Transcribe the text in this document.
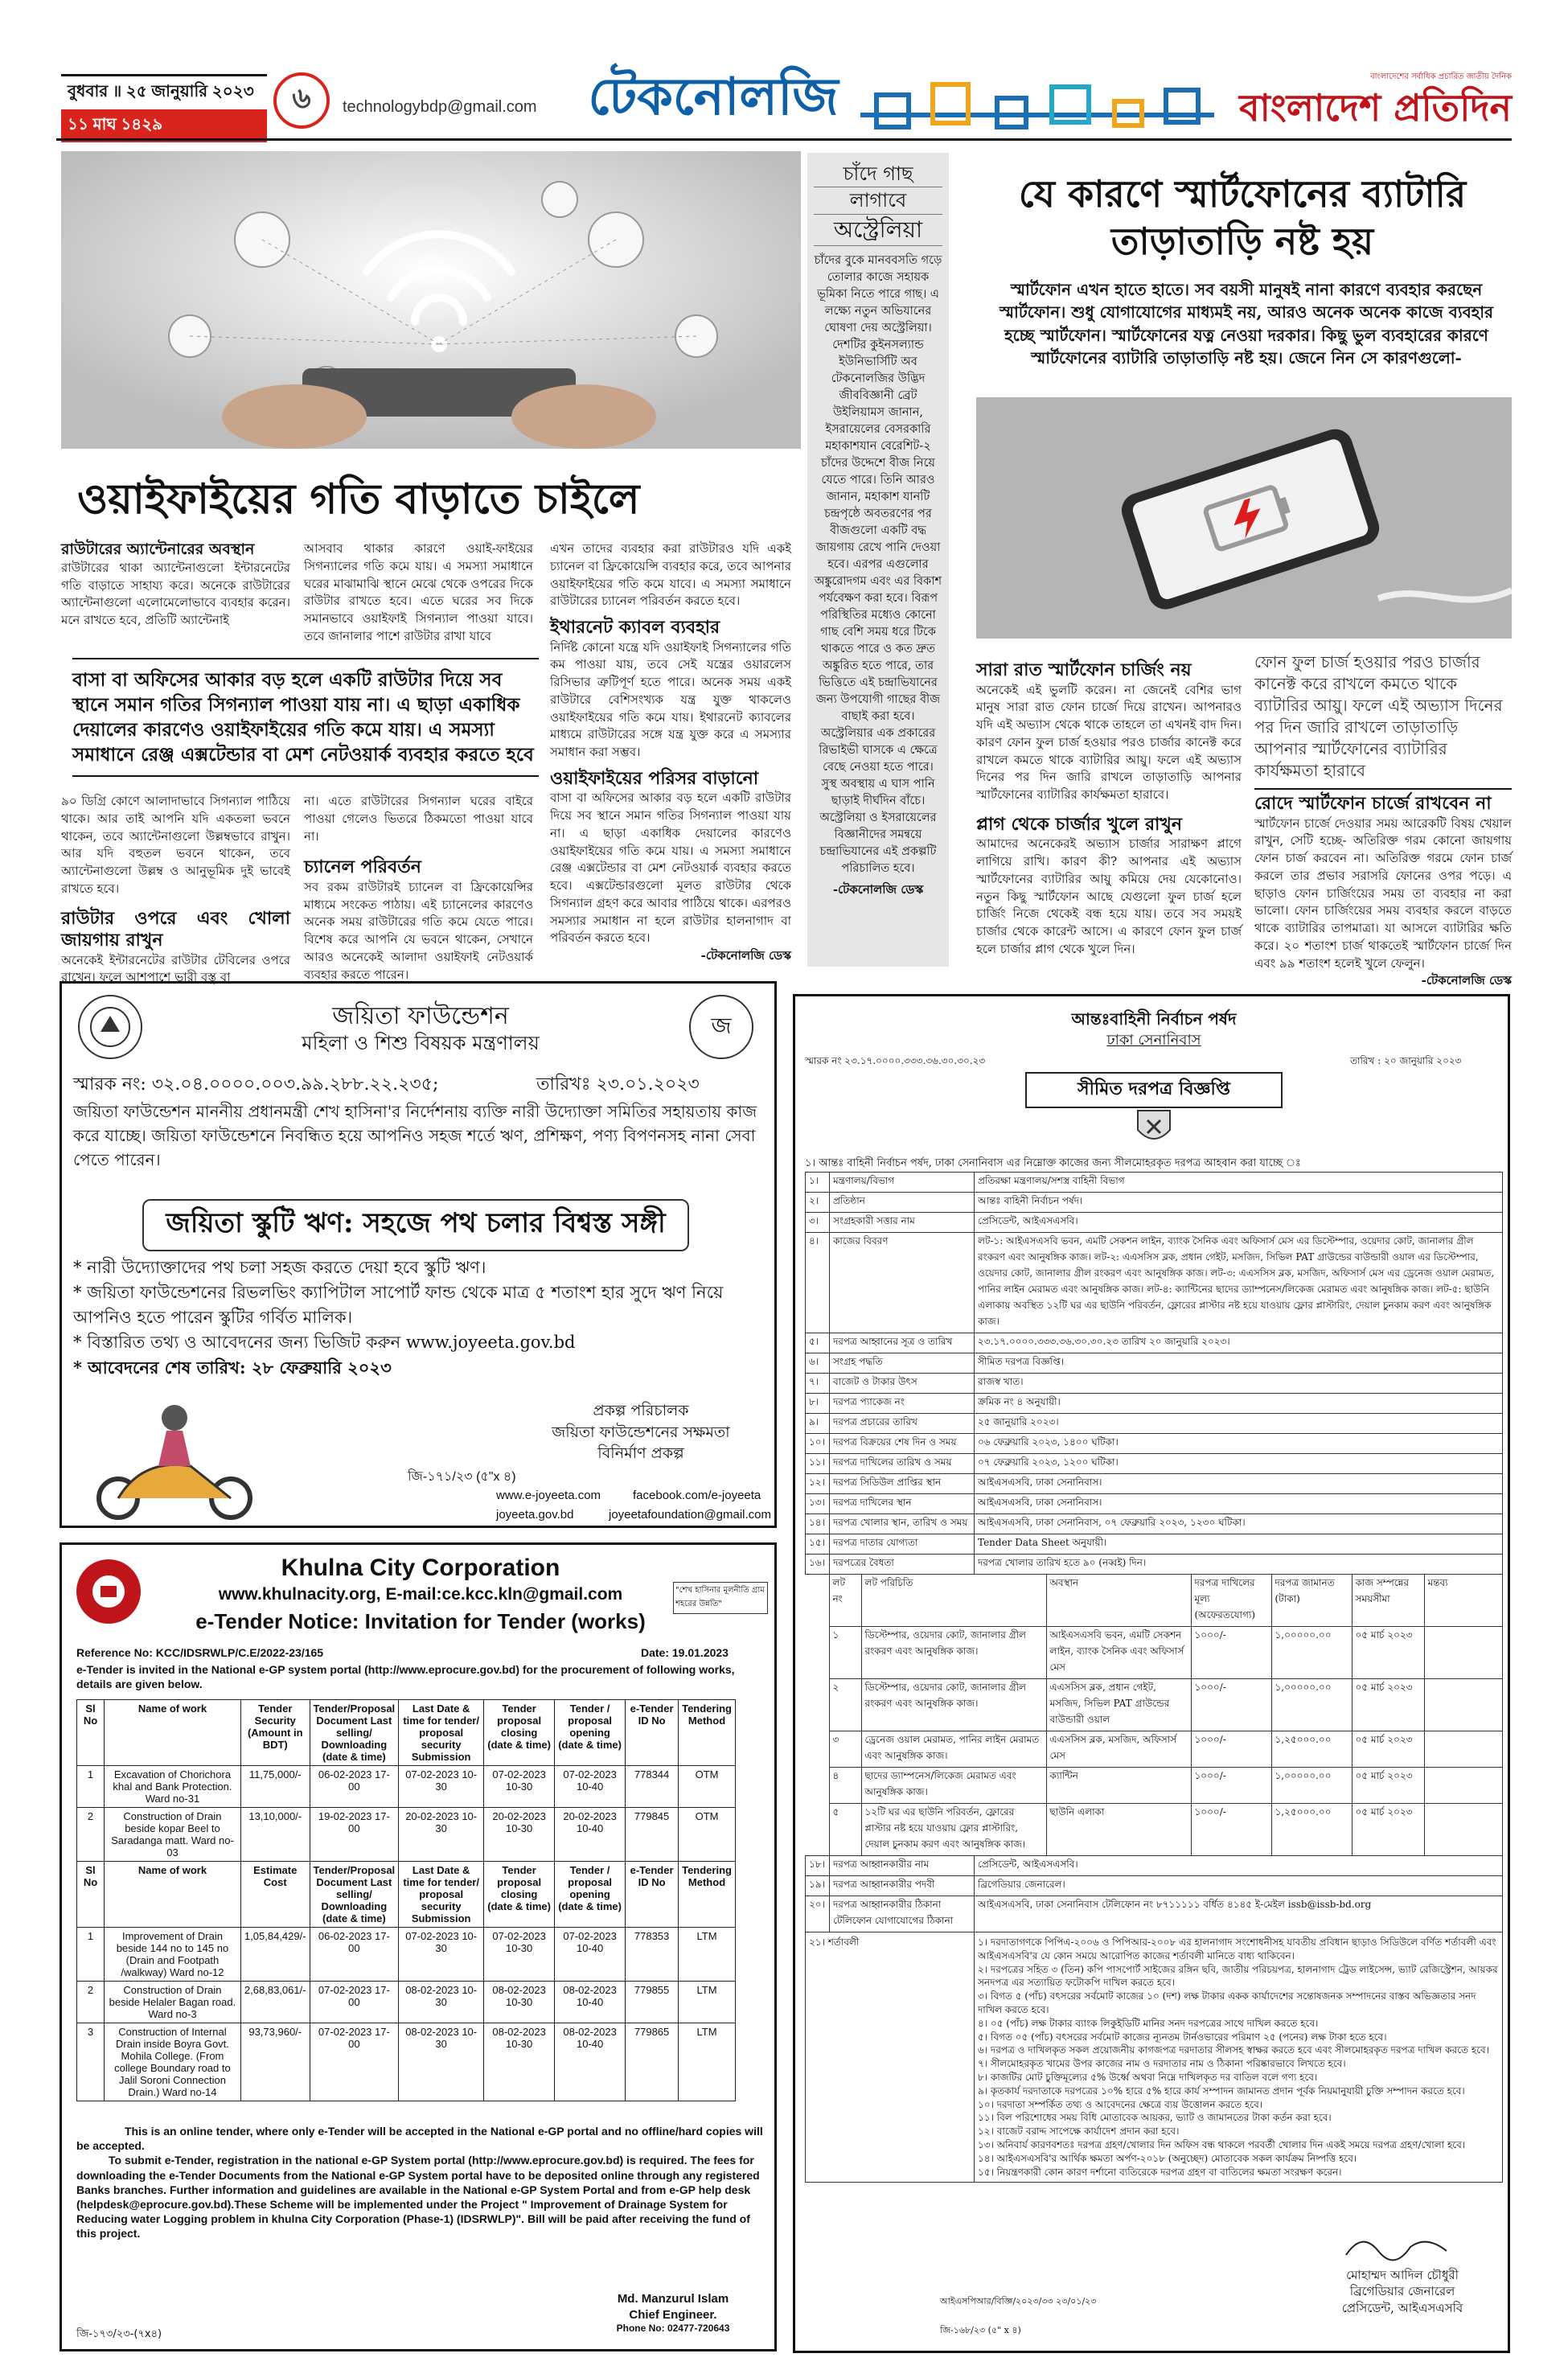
বুধবার ॥ ২৫ জানুয়ারি ২০২৩
১১ মাঘ ১৪২৯
৬	technologybdp@gmail.com টেকনোলজি	বাংলাদেশের সর্বাধিক প্রচারিত জাতীয় দৈনিক
বাংলাদেশ প্রতিদিন
ওয়াইফাইয়ের গতি বাড়াতে চাইলে
রাউটারের অ্যান্টেনারের অবস্থান
রাউটারের থাকা অ্যান্টেনাগুলো ইন্টারনেটের গতি বাড়াতে সাহায্য করে। অনেকে রাউটারের অ্যান্টেনাগুলো এলোমেলোভাবে ব্যবহার করেন। মনে রাখতে হবে, প্রতিটি অ্যান্টেনাই
আসবাব থাকার কারণে ওয়াই-ফাইয়ের সিগন্যালের গতি কমে যায়। এ সমস্যা সমাধানে ঘরের মাঝামাঝি স্থানে মেঝে থেকে ওপরের দিকে রাউটার রাখতে হবে। এতে ঘরের সব দিকে সমানভাবে ওয়াইফাই সিগন্যাল পাওয়া যাবে। তবে জানালার পাশে রাউটার রাখা যাবে
বাসা বা অফিসের আকার বড় হলে একটি রাউটার দিয়ে সব স্থানে সমান গতির সিগন্যাল পাওয়া যায় না। এ ছাড়া একাধিক দেয়ালের কারণেও ওয়াইফাইয়ের গতি কমে যায়। এ সমস্যা সমাধানে রেঞ্জ এক্সটেন্ডার বা মেশ নেটওয়ার্ক ব্যবহার করতে হবে
৯০ ডিগ্রি কোণে আলাদাভাবে সিগন্যাল পাঠিয়ে থাকে। আর তাই আপনি যদি একতলা ভবনে থাকেন, তবে অ্যান্টেনাগুলো উল্লম্বভাবে রাখুন। আর যদি বহুতল ভবনে থাকেন, তবে অ্যান্টেনাগুলো উল্লম্ব ও আনুভূমিক দুই ভাবেই রাখতে হবে।
রাউটার ওপরে এবং খোলা জায়গায় রাখুন
অনেকেই ইন্টারনেটের রাউটার টেবিলের ওপরে রাখেন। ফলে আশপাশে ভারী বস্তু বা
না। এতে রাউটারের সিগন্যাল ঘরের বাইরে পাওয়া গেলেও ভিতরে ঠিকমতো পাওয়া যাবে না।
চ্যানেল পরিবর্তন
সব রকম রাউটারই চ্যানেল বা ফ্রিকোয়েন্সির মাধ্যমে সংকেত পাঠায়। এই চ্যানেলের কারণেও অনেক সময় রাউটারের গতি কমে যেতে পারে। বিশেষ করে আপনি যে ভবনে থাকেন, সেখানে আরও অনেকেই আলাদা ওয়াইফাই নেটওয়ার্ক ব্যবহার করতে পারেন।
এখন তাদের ব্যবহার করা রাউটারও যদি একই চ্যানেল বা ফ্রিকোয়েন্সি ব্যবহার করে, তবে আপনার ওয়াইফাইয়ের গতি কমে যাবে। এ সমস্যা সমাধানে রাউটারের চ্যানেল পরিবর্তন করতে হবে।
ইথারনেট ক্যাবল ব্যবহার
নির্দিষ্ট কোনো যন্ত্রে যদি ওয়াইফাই সিগন্যালের গতি কম পাওয়া যায়, তবে সেই যন্ত্রের ওয়ারলেস রিসিভার ত্রুটিপূর্ণ হতে পারে। অনেক সময় একই রাউটারে বেশিসংখ্যক যন্ত্র যুক্ত থাকলেও ওয়াইফাইয়ের গতি কমে যায়। ইথারনেট ক্যাবলের মাধ্যমে রাউটারের সঙ্গে যন্ত্র যুক্ত করে এ সমস্যার সমাধান করা সম্ভব।
ওয়াইফাইয়ের পরিসর বাড়ানো
বাসা বা অফিসের আকার বড় হলে একটি রাউটার দিয়ে সব স্থানে সমান গতির সিগন্যাল পাওয়া যায় না। এ ছাড়া একাধিক দেয়ালের কারণেও ওয়াইফাইয়ের গতি কমে যায়। এ সমস্যা সমাধানে রেঞ্জ এক্সটেন্ডার বা মেশ নেটওয়ার্ক ব্যবহার করতে হবে। এক্সটেন্ডারগুলো মূলত রাউটার থেকে সিগন্যাল গ্রহণ করে আবার পাঠিয়ে থাকে। এরপরও সমস্যার সমাধান না হলে রাউটার হালনাগাদ বা পরিবর্তন করতে হবে।
-টেকনোলজি ডেস্ক
চাঁদে গাছ
লাগাবে
অস্ট্রেলিয়া
চাঁদের বুকে মানববসতি গড়ে তোলার কাজে সহায়ক ভূমিকা নিতে পারে গাছ। এ লক্ষ্যে নতুন অভিযানের ঘোষণা দেয় অস্ট্রেলিয়া। দেশটির কুইনসল্যান্ড ইউনিভার্সিটি অব টেকনোলজির উদ্ভিদ জীববিজ্ঞানী ব্রেট উইলিয়ামস জানান, ইসরায়েলের বেসরকারি মহাকাশযান বেরেশিট-২ চাঁদের উদ্দেশে বীজ নিয়ে যেতে পারে। তিনি আরও জানান, মহাকাশ যানটি চন্দ্রপৃষ্ঠে অবতরণের পর বীজগুলো একটি বদ্ধ জায়গায় রেখে পানি দেওয়া হবে। এরপর এগুলোর অঙ্কুরোদগম এবং এর বিকাশ পর্যবেক্ষণ করা হবে। বিরূপ পরিস্থিতির মধ্যেও কোনো গাছ বেশি সময় ধরে টিকে থাকতে পারে ও কত দ্রুত অঙ্কুরিত হতে পারে, তার ভিত্তিতে এই চন্দ্রাভিযানের জন্য উপযোগী গাছের বীজ বাছাই করা হবে। অস্ট্রেলিয়ার এক প্রকারের রিভাইভী ঘাসকে এ ক্ষেত্রে বেছে নেওয়া হতে পারে। সুস্থ অবস্থায় এ ঘাস পানি ছাড়াই দীর্ঘদিন বাঁচে। অস্ট্রেলিয়া ও ইসরায়েলের বিজ্ঞানীদের সমন্বয়ে চন্দ্রাভিযানের এই প্রকল্পটি পরিচালিত হবে।
-টেকনোলজি ডেস্ক
যে কারণে স্মার্টফোনের ব্যাটারি
তাড়াতাড়ি নষ্ট হয়
স্মার্টফোন এখন হাতে হাতে। সব বয়সী মানুষই নানা কারণে ব্যবহার করছেন স্মার্টফোন। শুধু যোগাযোগের মাধ্যমই নয়, আরও অনেক অনেক কাজে ব্যবহার হচ্ছে স্মার্টফোন। স্মার্টফোনের যত্ন নেওয়া দরকার। কিছু ভুল ব্যবহারের কারণে স্মার্টফোনের ব্যাটারি তাড়াতাড়ি নষ্ট হয়। জেনে নিন সে কারণগুলো-
সারা রাত স্মার্টফোন চার্জিং নয়
অনেকেই এই ভুলটি করেন। না জেনেই বেশির ভাগ মানুষ সারা রাত ফোন চার্জে দিয়ে রাখেন। আপনারও যদি এই অভ্যাস থেকে থাকে তাহলে তা এখনই বাদ দিন। কারণ ফোন ফুল চার্জ হওয়ার পরও চার্জার কানেক্ট করে রাখলে কমতে থাকে ব্যাটারির আয়ু। ফলে এই অভ্যাস দিনের পর দিন জারি রাখলে তাড়াতাড়ি আপনার স্মার্টফোনের ব্যাটারির কার্যক্ষমতা হারাবে।
প্লাগ থেকে চার্জার খুলে রাখুন
আমাদের অনেকেরই অভ্যাস চার্জার সারাক্ষণ প্লাগে লাগিয়ে রাখি। কারণ কী? আপনার এই অভ্যাস স্মার্টফোনের ব্যাটারির আয়ু কমিয়ে দেয় যেকোনোও। নতুন কিছু স্মার্টফোন আছে যেগুলো ফুল চার্জ হলে চার্জিং নিজে থেকেই বন্ধ হয়ে যায়। তবে সব সময়ই চার্জার থেকে কারেন্ট আসে। এ কারণে ফোন ফুল চার্জ হলে চার্জার প্লাগ থেকে খুলে দিন।
ফোন ফুল চার্জ হওয়ার পরও চার্জার কানেক্ট করে রাখলে কমতে থাকে ব্যাটারির আয়ু। ফলে এই অভ্যাস দিনের পর দিন জারি রাখলে তাড়াতাড়ি আপনার স্মার্টফোনের ব্যাটারির কার্যক্ষমতা হারাবে
রোদে স্মার্টফোন চার্জে রাখবেন না
স্মার্টফোন চার্জে দেওয়ার সময় আরেকটি বিষয় খেয়াল রাখুন, সেটি হচ্ছে- অতিরিক্ত গরম কোনো জায়গায় ফোন চার্জ করবেন না। অতিরিক্ত গরমে ফোন চার্জ করলে তার প্রভাব সরাসরি ফোনের ওপর পড়ে। এ ছাড়াও ফোন চার্জিংয়ের সময় তা ব্যবহার না করা ভালো। ফোন চার্জিংয়ের সময় ব্যবহার করলে বাড়তে থাকে ব্যাটারির তাপমাত্রা। যা আসলে ব্যাটারির ক্ষতি করে। ২০ শতাংশ চার্জ থাকতেই স্মার্টফোন চার্জে দিন এবং ৯৯ শতাংশ হলেই খুলে ফেলুন।
-টেকনোলজি ডেস্ক
জয়িতা ফাউন্ডেশন
মহিলা ও শিশু বিষয়ক মন্ত্রণালয়
জ
স্মারক নং: ৩২.০৪.০০০০.০০৩.৯৯.২৮৮.২২.২৩৫;	তারিখঃ ২৩.০১.২০২৩
জয়িতা ফাউন্ডেশন মাননীয় প্রধানমন্ত্রী শেখ হাসিনা'র নির্দেশনায় ব্যক্তি নারী উদ্যোক্তা সমিতির সহায়তায় কাজ করে যাচ্ছে। জয়িতা ফাউন্ডেশনে নিবন্ধিত হয়ে আপনিও সহজ শর্তে ঋণ, প্রশিক্ষণ, পণ্য বিপণনসহ নানা সেবা পেতে পারেন।
জয়িতা স্কুটি ঋণ: সহজে পথ চলার বিশ্বস্ত সঙ্গী
* নারী উদ্যোক্তাদের পথ চলা সহজ করতে দেয়া হবে স্কুটি ঋণ।
* জয়িতা ফাউন্ডেশনের রিভলভিং ক্যাপিটাল সাপোর্ট ফান্ড থেকে মাত্র ৫ শতাংশ হার সুদে ঋণ নিয়ে আপনিও হতে পারেন স্কুটির গর্বিত মালিক।
* বিস্তারিত তথ্য ও আবেদনের জন্য ভিজিট করুন www.joyeeta.gov.bd
* আবেদনের শেষ তারিখ: ২৮ ফেব্রুয়ারি ২০২৩
প্রকল্প পরিচালক
জয়িতা ফাউন্ডেশনের সক্ষমতা
বিনির্মাণ প্রকল্প
জি-১৭১/২৩ (৫"x ৪)
www.e-joyeeta.com	facebook.com/e-joyeeta
joyeeta.gov.bd	joyeetafoundation@gmail.com
Khulna City Corporation
www.khulnacity.org, E-mail:ce.kcc.kln@gmail.com
e-Tender Notice: Invitation for Tender (works)
"শেখ হাসিনার মূলনীতি গ্রাম শহরের উন্নতি"
Reference No: KCC/IDSRWLP/C.E/2022-23/165	Date: 19.01.2023
e-Tender is invited in the National e-GP system portal (http://www.eprocure.gov.bd) for the procurement of following works, details are given below.
Sl No	Name of work	Tender Security (Amount in BDT)	Tender/Proposal Document Last selling/ Downloading (date & time)	Last Date & time for tender/ proposal security Submission	Tender proposal closing (date & time)	Tender / proposal opening (date & time)	e-Tender ID No	Tendering Method
1	Excavation of Chorichora khal and Bank Protection. Ward no-31	11,75,000/-	06-02-2023 17-00	07-02-2023 10-30	07-02-2023 10-30	07-02-2023 10-40	778344	OTM
2	Construction of Drain beside kopar Beel to Saradanga matt. Ward no-03	13,10,000/-	19-02-2023 17-00	20-02-2023 10-30	20-02-2023 10-30	20-02-2023 10-40	779845	OTM
Sl No	Name of work	Estimate Cost	Tender/Proposal Document Last selling/ Downloading (date & time)	Last Date & time for tender/ proposal security Submission	Tender proposal closing (date & time)	Tender / proposal opening (date & time)	e-Tender ID No	Tendering Method
1	Improvement of Drain beside 144 no to 145 no (Drain and Footpath /walkway) Ward no-12	1,05,84,429/-	06-02-2023 17-00	07-02-2023 10-30	07-02-2023 10-30	07-02-2023 10-40	778353	LTM
2	Construction of Drain beside Helaler Bagan road. Ward no-3	2,68,83,061/-	07-02-2023 17-00	08-02-2023 10-30	08-02-2023 10-30	08-02-2023 10-40	779855	LTM
3	Construction of Internal Drain inside Boyra Govt. Mohila College. (From college Boundary road to Jalil Soroni Connection Drain.) Ward no-14	93,73,960/-	07-02-2023 17-00	08-02-2023 10-30	08-02-2023 10-30	08-02-2023 10-40	779865	LTM
This is an online tender, where only e-Tender will be accepted in the National e-GP portal and no offline/hard copies will be accepted.
To submit e-Tender, registration in the national e-GP System portal (http://www.eprocure.gov.bd) is required. The fees for downloading the e-Tender Documents from the National e-GP System portal have to be deposited online through any registered Banks branches. Further information and guidelines are available in the National e-GP System Portal and from e-GP help desk (helpdesk@eprocure.gov.bd).These Scheme will be implemented under the Project " Improvement of Drainage System for Reducing water Logging problem in khulna City Corporation (Phase-1) (IDSRWLP)". Bill will be paid after receiving the fund of this project.
Md. Manzurul Islam
Chief Engineer.
Phone No: 02477-720643
জি-১৭৩/২৩-(৭x৪)
আন্তঃবাহিনী নির্বাচন পর্ষদ
ঢাকা সেনানিবাস
স্মারক নং ২৩.১৭.০০০০.৩৩৩.৩৬.৩০.৩০.২৩	তারিখ : ২০ জানুয়ারি ২০২৩
সীমিত দরপত্র বিজ্ঞপ্তি
১। আন্তঃ বাহিনী নির্বাচন পর্ষদ, ঢাকা সেনানিবাস এর নিম্নোক্ত কাজের জন্য সীলমোহরকৃত দরপত্র আহবান করা যাচ্ছে ঃ
১।	মন্ত্রণালয়/বিভাগ	প্রতিরক্ষা মন্ত্রণালয়/সশস্ত্র বাহিনী বিভাগ
২।	প্রতিষ্ঠান	আন্তঃ বাহিনী নির্বাচন পর্ষদ।
৩।	সংগ্রহকারী সত্তার নাম	প্রেসিডেন্ট, আইএসএসবি।
৪।	কাজের বিবরণ	লট-১: আইএসএসবি ভবন, এমটি সেকশন লাইন, ব্যাংক সৈনিক এবং অফিসার্স মেস এর ডিস্টেম্পার, ওয়েদার কোট, জানালার গ্রীল রংকরণ এবং আনুষঙ্গিক কাজ। লট-২: এএসসিস ব্লক, প্রধান গেইট, মসজিদ, সিভিল PAT গ্রাউন্ডের বাউন্ডারী ওয়াল এর ডিস্টেম্পার, ওয়েদার কোট, জানালার গ্রীল রংকরণ এবং আনুষঙ্গিক কাজ। লট-৩: এএসসিস ব্লক, মসজিদ, অফিসার্স মেস এর ড্রেনেজ ওয়াল মেরামত, পানির লাইন মেরামত এবং আনুষঙ্গিক কাজ। লট-৪: ক্যান্টিনের ছাদের ড্যাম্পনেস/লিকেজ মেরামত এবং আনুষঙ্গিক কাজ। লট-৫: ছাউনি এলাকায় অবস্থিত ১২টি ঘর এর ছাউনি পরিবর্তন, ফ্লোরের প্লাস্টার নষ্ট হয়ে যাওয়ায় ফ্লোর প্লাস্টারিং, দেয়াল চুনকাম করণ এবং আনুষঙ্গিক কাজ।
৫।	দরপত্র আহ্বানের সূত্র ও তারিখ	২৩.১৭.০০০০.৩৩৩.৩৬.৩০.৩০.২৩ তারিখ ২০ জানুয়ারি ২০২৩।
৬।	সংগ্রহ পদ্ধতি	সীমিত দরপত্র বিজ্ঞপ্তি।
৭।	বাজেট ও টাকার উৎস	রাজস্ব খাত।
৮।	দরপত্র প্যাকেজ নং	ক্রমিক নং ৪ অনুযায়ী।
৯।	দরপত্র প্রচারের তারিখ	২৫ জানুয়ারি ২০২৩।
১০।	দরপত্র বিক্রয়ের শেষ দিন ও সময়	০৬ ফেব্রুয়ারি ২০২৩, ১৪০০ ঘটিকা।
১১।	দরপত্র দাখিলের তারিখ ও সময়	০৭ ফেব্রুয়ারি ২০২৩, ১২০০ ঘটিকা।
১২।	দরপত্র সিডিউল প্রাপ্তির স্থান	আইএসএসবি, ঢাকা সেনানিবাস।
১৩।	দরপত্র দাখিলের স্থান	আইএসএসবি, ঢাকা সেনানিবাস।
১৪।	দরপত্র খোলার স্থান, তারিখ ও সময়	আইএসএসবি, ঢাকা সেনানিবাস, ০৭ ফেব্রুয়ারি ২০২৩, ১২৩০ ঘটিকা।
১৫।	দরপত্র দাতার যোগ্যতা	Tender Data Sheet অনুযায়ী।
১৬।	দরপত্রের বৈধতা	দরপত্র খোলার তারিখ হতে ৯০ (নব্বই) দিন।
	লট নং	লট পরিচিতি	অবস্থান	দরপত্র দাখিলের মূল্য (অফেরতযোগ্য)	দরপত্র জামানত (টাকা)	কাজ সম্পন্নের সময়সীমা	মন্তব্য
	১	ডিস্টেম্পার, ওয়েদার কোট, জানালার গ্রীল রংকরণ এবং আনুষঙ্গিক কাজ।	আইএসএসবি ভবন, এমটি সেকশন লাইন, ব্যাংক সৈনিক এবং অফিসার্স মেস	১০০০/-	১,০০০০০.০০	০৫ মার্চ ২০২৩	
	২	ডিস্টেম্পার, ওয়েদার কোট, জানালার গ্রীল রংকরণ এবং আনুষঙ্গিক কাজ।	এএসসিস ব্লক, প্রধান গেইট, মসজিদ, সিভিল PAT গ্রাউন্ডের বাউন্ডারী ওয়াল	১০০০/-	১,০০০০০.০০	০৫ মার্চ ২০২৩	
	৩	ড্রেনেজ ওয়াল মেরামত, পানির লাইন মেরামত এবং আনুষঙ্গিক কাজ।	এএসসিস ব্লক, মসজিদ, অফিসার্স মেস	১০০০/-	১,২৫০০০.০০	০৫ মার্চ ২০২৩	
	৪	ছাদের ড্যাম্পনেস/লিকেজ মেরামত এবং আনুষঙ্গিক কাজ।	ক্যান্টিন	১০০০/-	১,০০০০০.০০	০৫ মার্চ ২০২৩	
	৫	১২টি ঘর এর ছাউনি পরিবর্তন, ফ্লোরের প্লাস্টার নষ্ট হয়ে যাওয়ায় ফ্লোর প্লাস্টারিং, দেয়াল চুনকাম করণ এবং আনুষঙ্গিক কাজ।	ছাউনি এলাকা	১০০০/-	১,২৫০০০.০০	০৫ মার্চ ২০২৩	
১৮।	দরপত্র আহ্বানকারীর নাম	প্রেসিডেন্ট, আইএসএসবি।
১৯।	দরপত্র আহ্বানকারীর পদবী	ব্রিগেডিয়ার জেনারেল।
২০।	দরপত্র আহ্বানকারীর ঠিকানা টেলিফোন যোগাযোগের ঠিকানা	আইএসএসবি, ঢাকা সেনানিবাস টেলিফোন নং ৮৭১১১১১ বর্ধিত ৪১৪৫ ই-মেইল issb@issb-bd.org
২১। শর্তাবলী	১। দরদাতাগণকে পিপিএ-২০০৬ ও পিপিআর-২০০৮ এর হালনাগাদ সংশোধনীসহ যাবতীয় প্রবিধান ছাড়াও সিডিউলে বর্ণিত শর্তাবলী এবং আইএসএসবি'র যে কোন সময়ে আরোপিত কাজের শর্তাবলী মানিতে বাধ্য থাকিবেন।
২। দরপত্রের সহিত ৩ (তিন) কপি পাসপোর্ট সাইজের রঙ্গিন ছবি, জাতীয় পরিচয়পত্র, হালনাগাদ ট্রেড লাইসেন্স, ভ্যাট রেজিস্ট্রেশন, আয়কর সনদপত্র এর সত্যায়িত ফটোকপি দাখিল করতে হবে।
৩। বিগত ৫ (পাঁচ) বৎসরের সর্বমোট কাজের ১০ (দশ) লক্ষ টাকার একক কার্যাদেশের সন্তোষজনক সম্পাদনের বাস্তব অভিজ্ঞতার সনদ দাখিল করতে হবে।
৪। ০৫ (পাঁচ) লক্ষ টাকার ব্যাংক লিকুইডিটি মানির সনদ দরপত্রের সাথে দাখিল করতে হবে।
৫। বিগত ০৫ (পাঁচ) বৎসরের সর্বমোট কাজের ন্যূনতম টার্নওভারের পরিমাণ ২৫ (পনের) লক্ষ টাকা হতে হবে।
৬। দরপত্র ও দাখিলকৃত সকল প্রয়োজনীয় কাগজপত্র দরদাতার সীলসহ স্বাক্ষর করতে হবে এবং সীলমোহরকৃত দরপত্র দাখিল করতে হবে।
৭। সীলমোহরকৃত খামের উপর কাজের নাম ও দরদাতার নাম ও ঠিকানা পরিষ্কারভাবে লিখতে হবে।
৮। কাজটির মোট চুক্তিমূল্যের ৫% উর্ধ্বে অথবা নিম্নে দাখিলকৃত দর বাতিল বলে গণ্য হবে।
৯। কৃতকার্য দরদাতাকে দরপত্রের ১০% হারে ৫% হারে কার্য সম্পাদন জামানত প্রদান পূর্বক নিয়মানুযায়ী চুক্তি সম্পাদন করতে হবে।
১০। দরদাতা সম্পর্কিত তথ্য ও আবেদনের ক্ষেত্রে ব্যয় উত্তোলন করতে হবে।
১১। বিল পরিশোধের সময় বিধি মোতাবেক আয়কর, ভ্যাট ও জামানতের টাকা কর্তন করা হবে।
১২। বাজেট বরাদ্দ সাপেক্ষে কার্যাদেশ প্রদান করা হবে।
১৩। অনিবার্য কারণবশতঃ দরপত্র গ্রহণ/খোলার দিন অফিস বন্ধ থাকলে পরবর্তী খোলার দিন একই সময়ে দরপত্র গ্রহণ/খোলা হবে।
১৪। আইএসএসবি'র আর্থিক ক্ষমতা অর্পণ-২০১৮ (অনুচ্ছেদ) মোতাবেক সকল কার্যক্রম নিষ্পত্তি হবে।
১৫। নিয়ন্ত্রণকারী কোন কারণ দর্শানো ব্যতিরেকে দরপত্র গ্রহণ বা বাতিলের ক্ষমতা সংরক্ষণ করেন।
মোহাম্মদ আদিল চৌধুরী
ব্রিগেডিয়ার জেনারেল
প্রেসিডেন্ট, আইএসএসবি
আইএসপিআর/বিজ্ঞি/২০২৩/৩৩ ২৩/০১/২৩
জি-১৬৮/২৩ (৫" x ৪)
